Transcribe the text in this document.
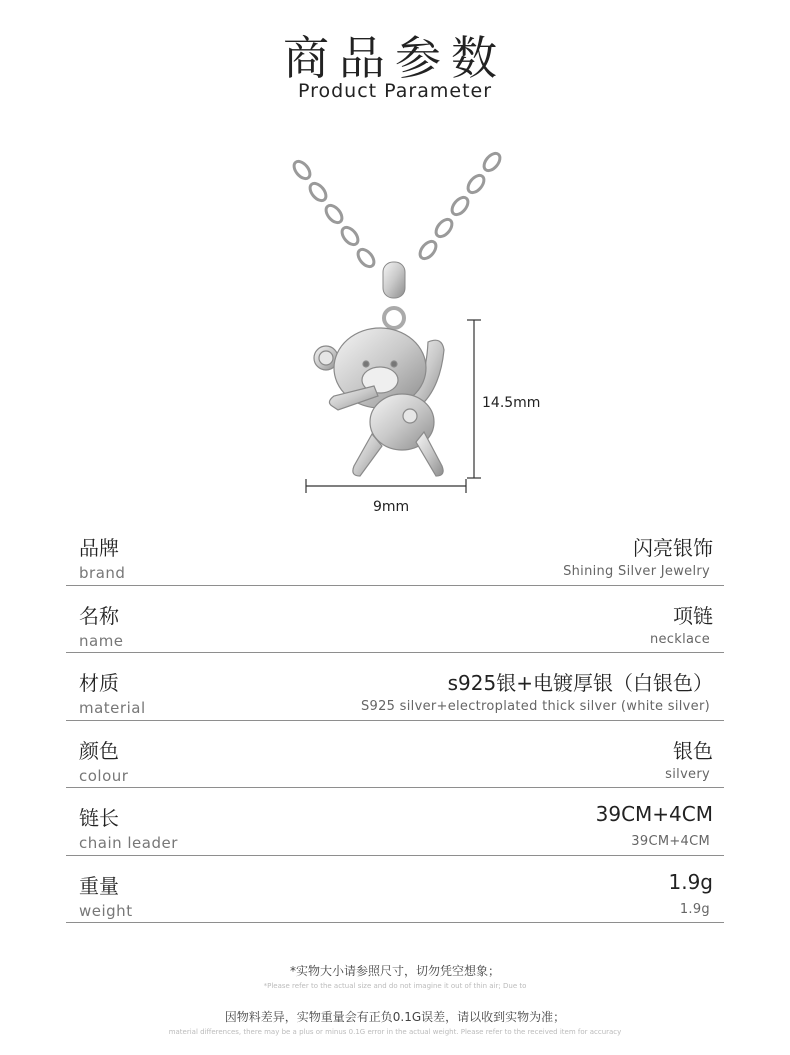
商品参数
Product Parameter
14.5mm
9mm
品牌
brand
闪亮银饰
Shining Silver Jewelry
名称
name
项链
necklace
材质
material
s925银+电镀厚银（白银色）
S925 silver+electroplated thick silver (white silver)
颜色
colour
银色
silvery
链长
chain leader
39CM+4CM
39CM+4CM
重量
weight
1.9g
1.9g
*实物大小请参照尺寸，切勿凭空想象；
*Please refer to the actual size and do not imagine it out of thin air; Due to
因物料差异，实物重量会有正负0.1G误差，请以收到实物为准；
material differences, there may be a plus or minus 0.1G error in the actual weight. Please refer to the received item for accuracy
